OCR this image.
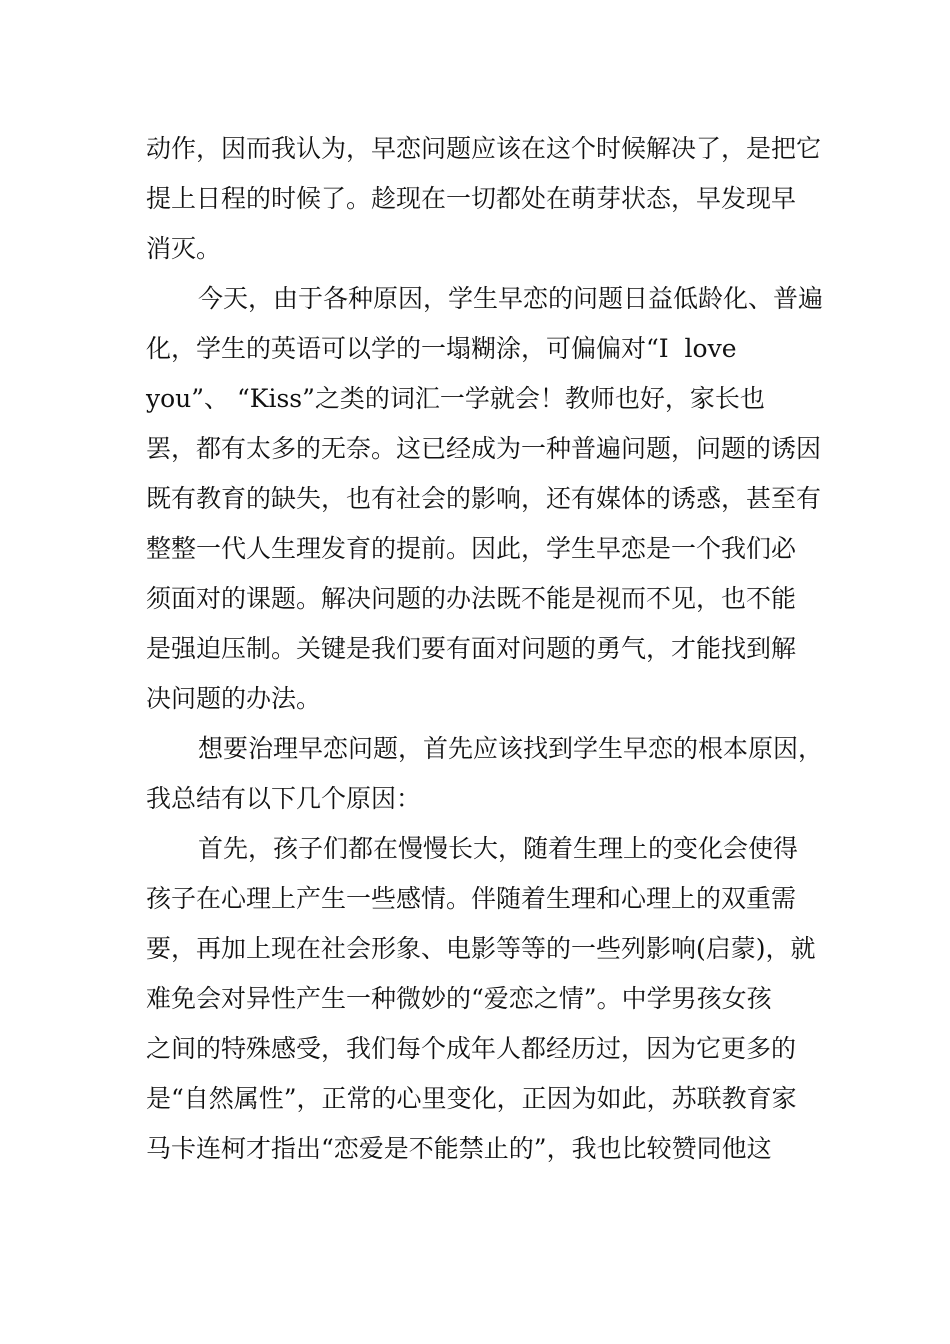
动作，因而我认为，早恋问题应该在这个时候解决了，是把它
提上日程的时候了。趁现在一切都处在萌芽状态，早发现早
消灭。
今天，由于各种原因，学生早恋的问题日益低龄化、普遍
化，学生的英语可以学的一塌糊涂，可偏偏对“I  love
you”、 “Kiss”之类的词汇一学就会！教师也好，家长也
罢，都有太多的无奈。这已经成为一种普遍问题，问题的诱因
既有教育的缺失，也有社会的影响，还有媒体的诱惑，甚至有
整整一代人生理发育的提前。因此，学生早恋是一个我们必
须面对的课题。解决问题的办法既不能是视而不见，也不能
是强迫压制。关键是我们要有面对问题的勇气，才能找到解
决问题的办法。
想要治理早恋问题，首先应该找到学生早恋的根本原因，
我总结有以下几个原因：
首先，孩子们都在慢慢长大，随着生理上的变化会使得
孩子在心理上产生一些感情。伴随着生理和心理上的双重需
要，再加上现在社会形象、电影等等的一些列影响(启蒙)，就
难免会对异性产生一种微妙的“爱恋之情”。中学男孩女孩
之间的特殊感受，我们每个成年人都经历过，因为它更多的
是“自然属性”，正常的心里变化，正因为如此，苏联教育家
马卡连柯才指出“恋爱是不能禁止的”，我也比较赞同他这
